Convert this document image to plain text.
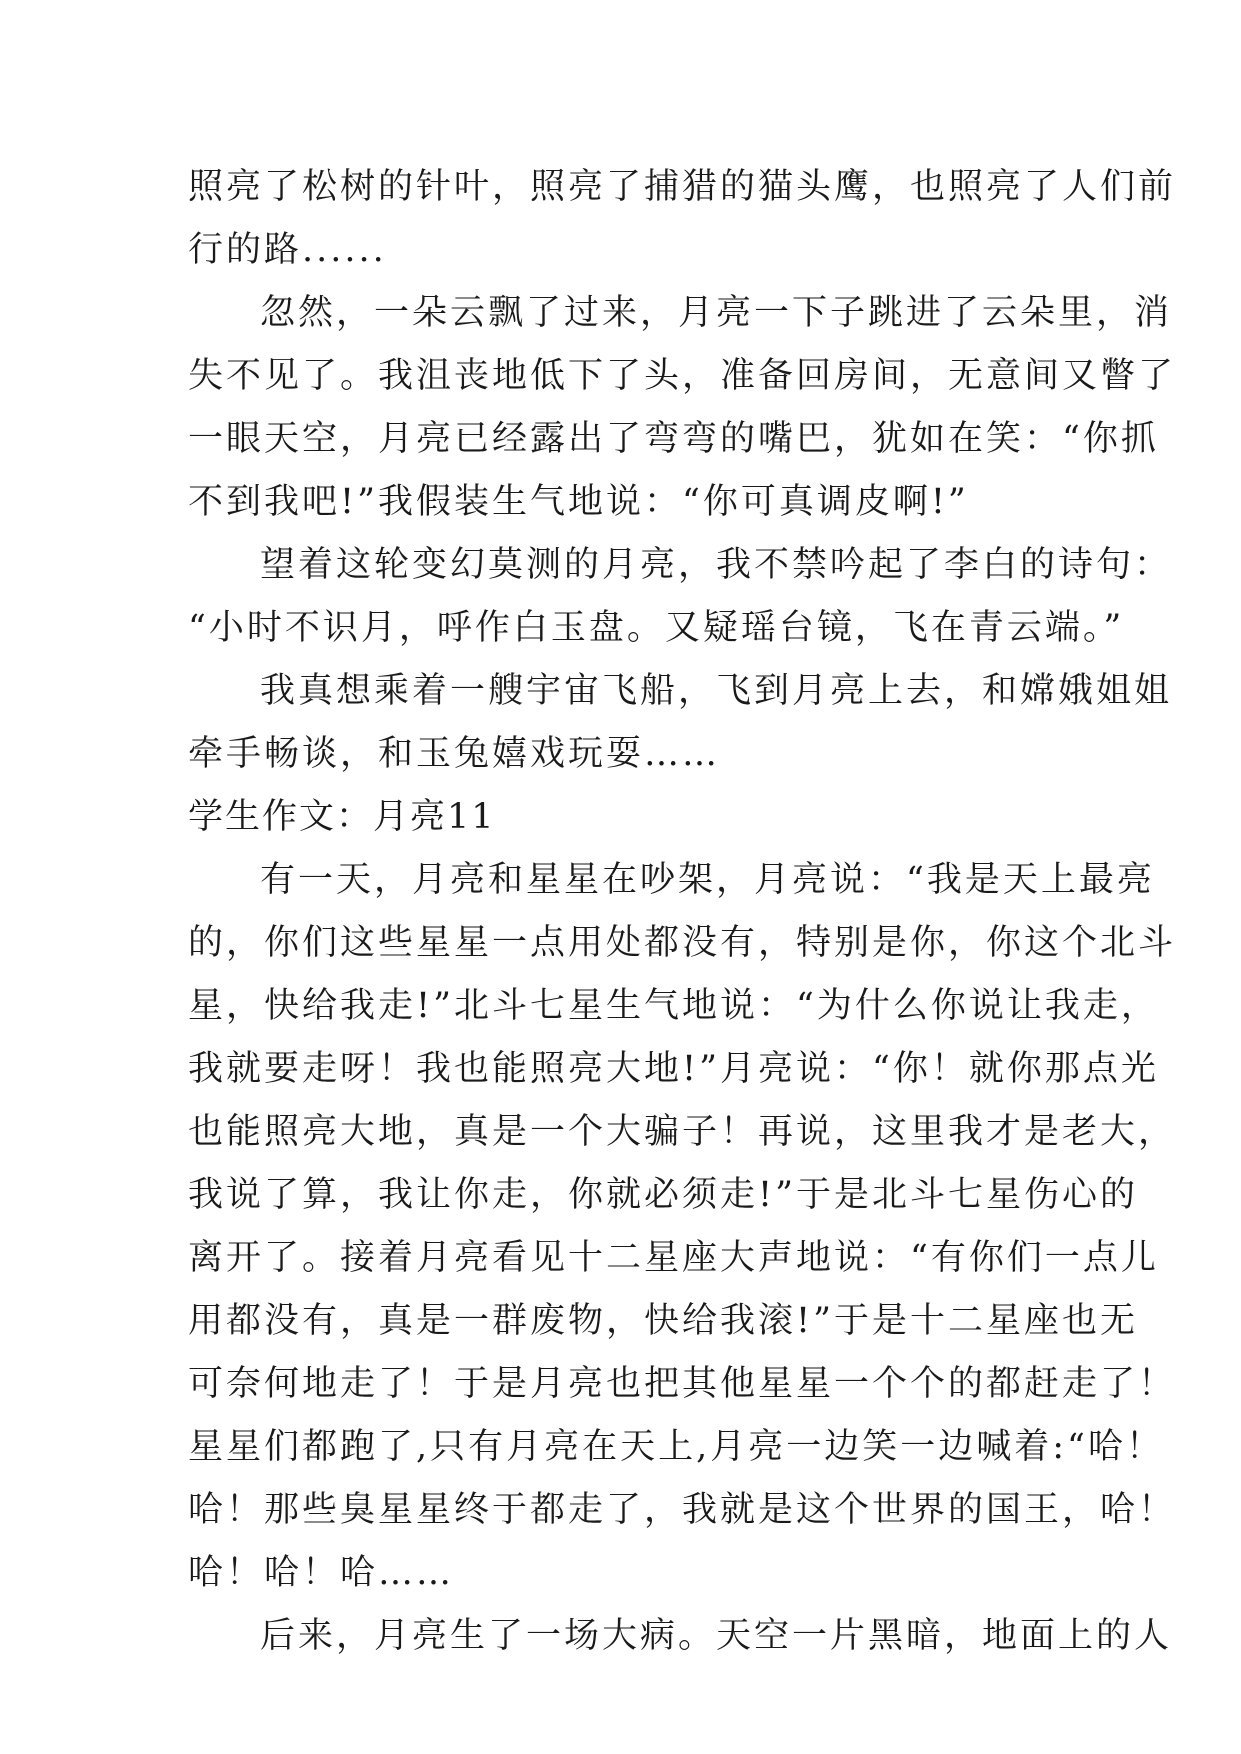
照亮了松树的针叶，照亮了捕猎的猫头鹰，也照亮了人们前
行的路......
忽然，一朵云飘了过来，月亮一下子跳进了云朵里，消
失不见了。我沮丧地低下了头，准备回房间，无意间又瞥了
一眼天空，月亮已经露出了弯弯的嘴巴，犹如在笑：“你抓
不到我吧!”我假装生气地说：“你可真调皮啊!”
望着这轮变幻莫测的月亮，我不禁吟起了李白的诗句：
“小时不识月，呼作白玉盘。又疑瑶台镜，飞在青云端。”
我真想乘着一艘宇宙飞船，飞到月亮上去，和嫦娥姐姐
牵手畅谈，和玉兔嬉戏玩耍……
学生作文：月亮11
有一天，月亮和星星在吵架，月亮说：“我是天上最亮
的，你们这些星星一点用处都没有，特别是你，你这个北斗
星，快给我走!”北斗七星生气地说：“为什么你说让我走，
我就要走呀！我也能照亮大地!”月亮说：“你！就你那点光
也能照亮大地，真是一个大骗子！再说，这里我才是老大，
我说了算，我让你走，你就必须走!”于是北斗七星伤心的
离开了。接着月亮看见十二星座大声地说：“有你们一点儿
用都没有，真是一群废物，快给我滚!”于是十二星座也无
可奈何地走了！于是月亮也把其他星星一个个的都赶走了！
星星们都跑了,只有月亮在天上,月亮一边笑一边喊着:“哈！
哈！那些臭星星终于都走了，我就是这个世界的国王，哈！
哈！哈！哈……
后来，月亮生了一场大病。天空一片黑暗，地面上的人
